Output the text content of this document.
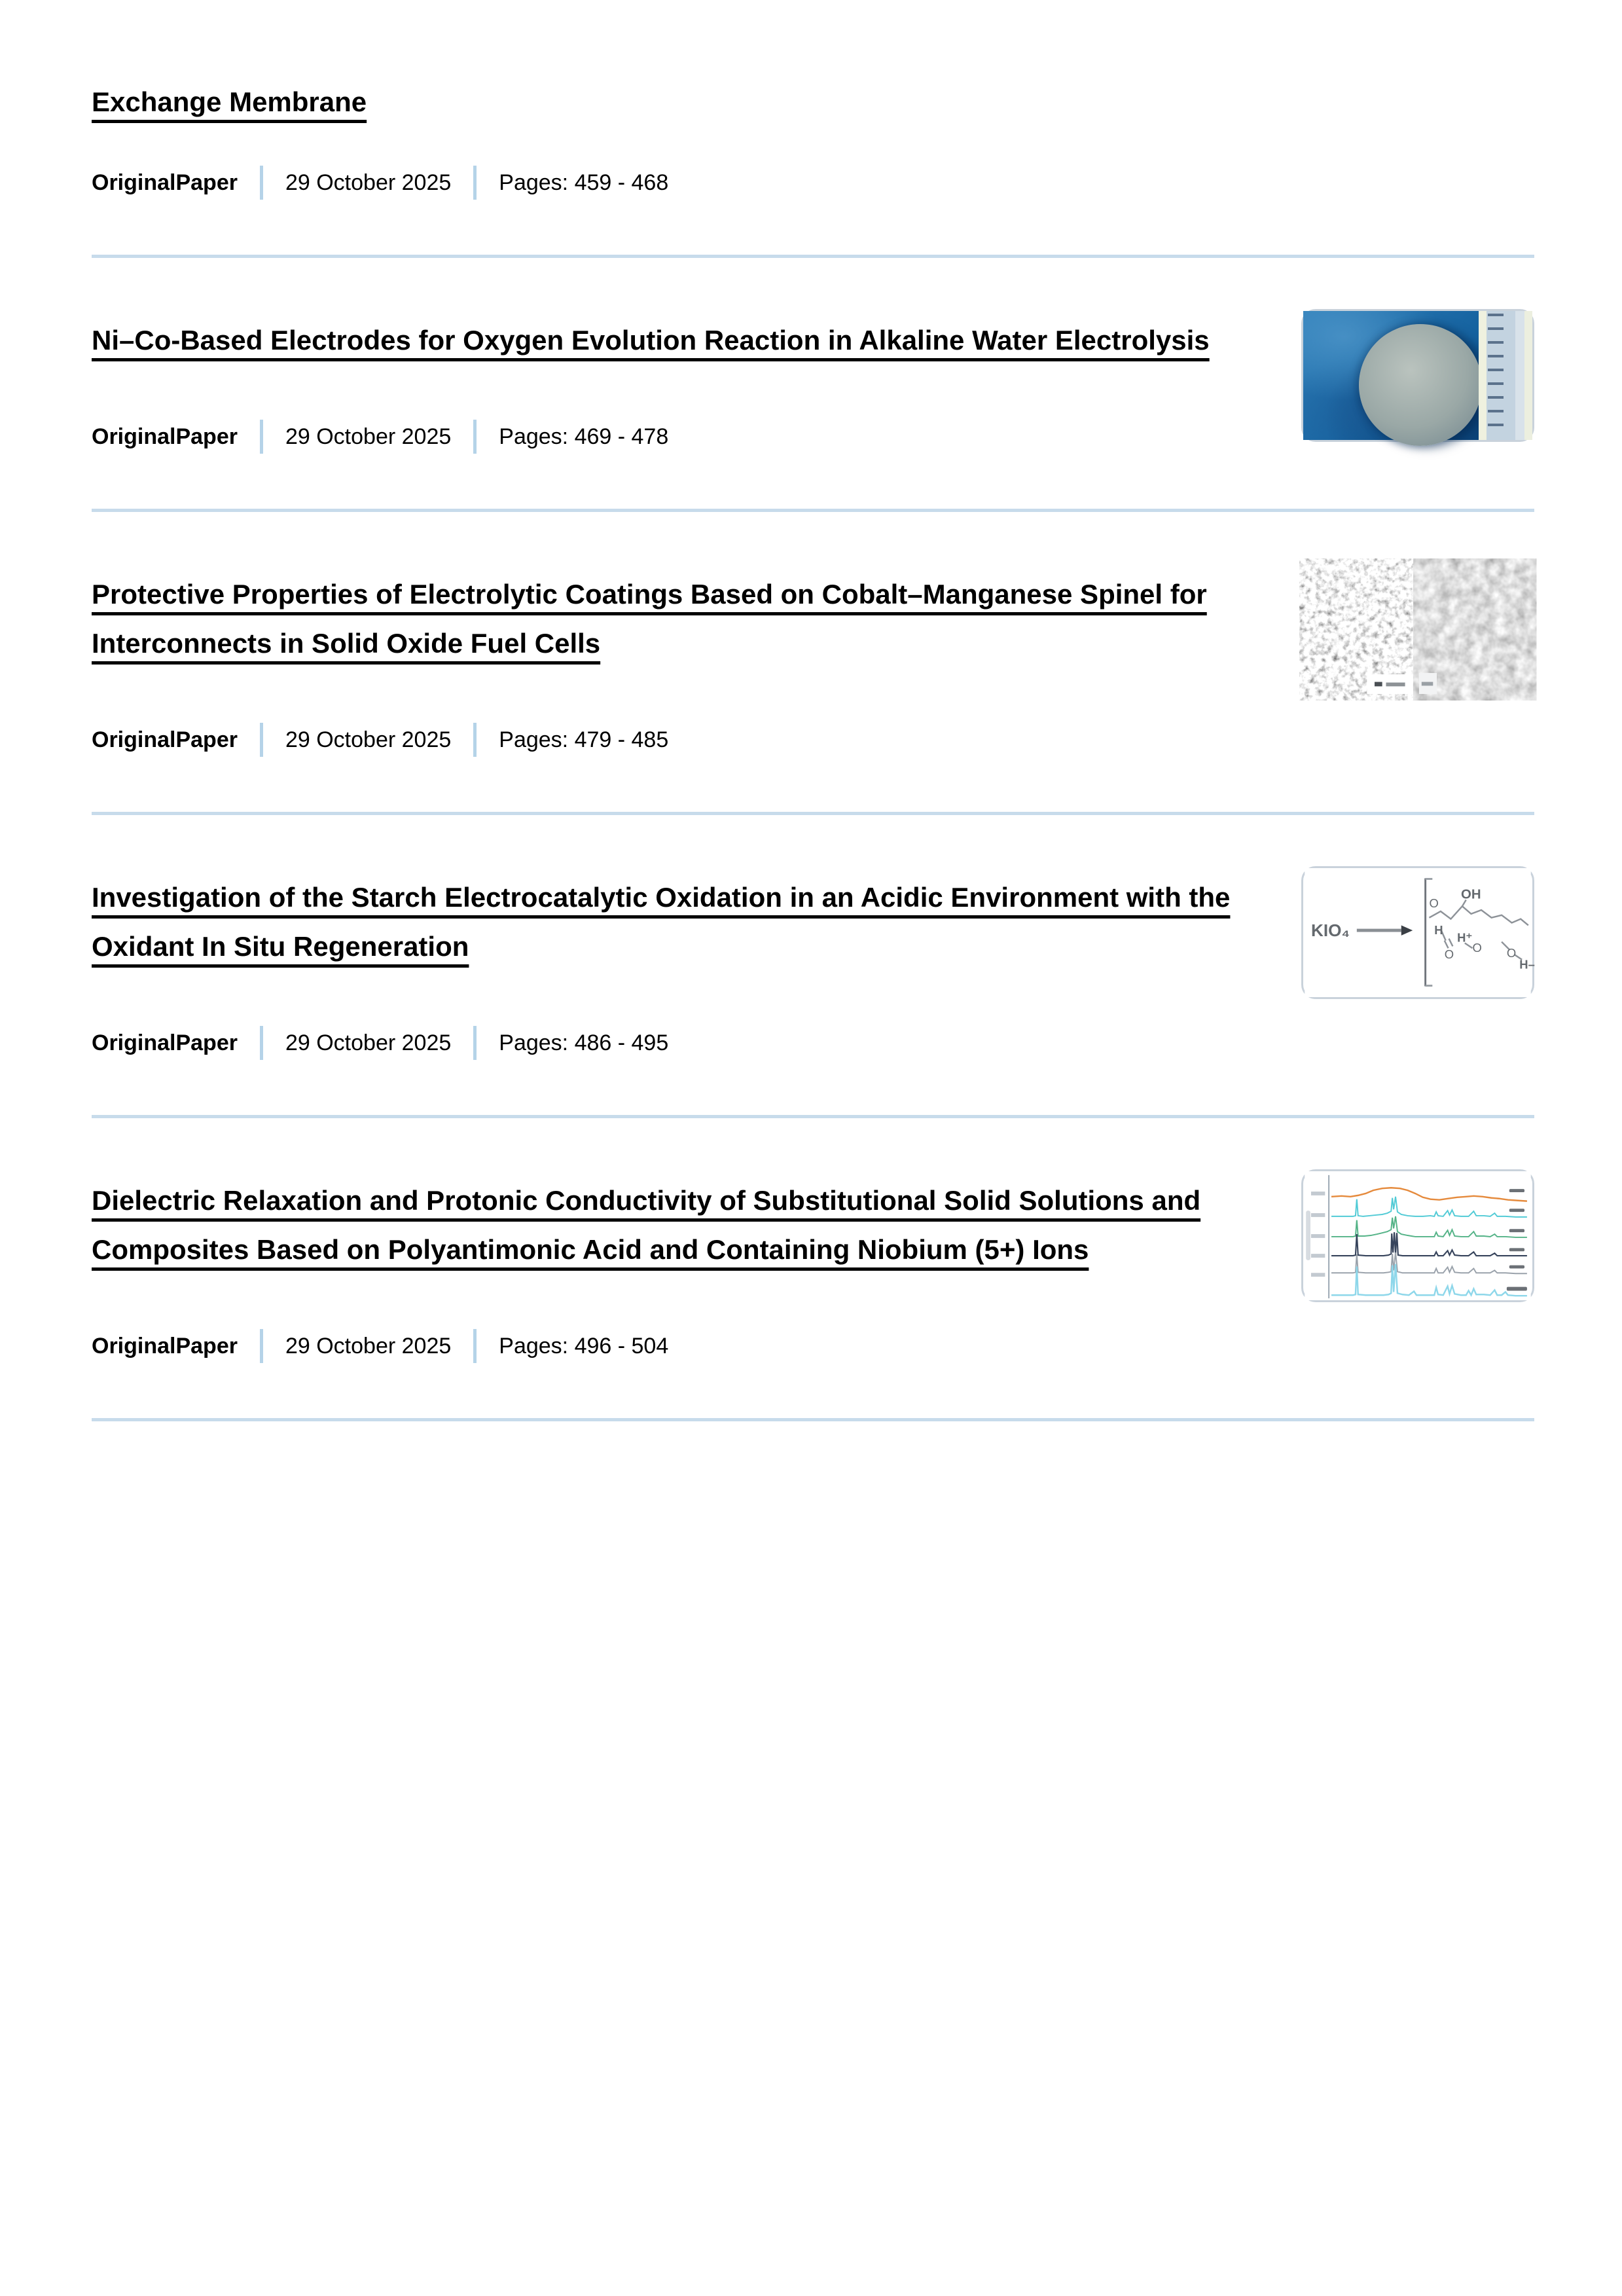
Exchange Membrane
OriginalPaper 29 October 2025 Pages: 459 - 468
Ni–Co-Based Electrodes for Oxygen Evolution Reaction in Alkaline Water Electrolysis
OriginalPaper 29 October 2025 Pages: 469 - 478
Protective Properties of Electrolytic Coatings Based on Cobalt–Manganese Spinel for Interconnects in Solid Oxide Fuel Cells
OriginalPaper 29 October 2025 Pages: 479 - 485
Investigation of the Starch Electrocatalytic Oxidation in an Acidic Environment with the Oxidant In Situ Regeneration
OriginalPaper 29 October 2025 Pages: 486 - 495
KIO₄
OH
O
H
O
H⁺
O O
H–
Dielectric Relaxation and Protonic Conductivity of Substitutional Solid Solutions and Composites Based on Polyantimonic Acid and Containing Niobium (5+) Ions
OriginalPaper 29 October 2025 Pages: 496 - 504
